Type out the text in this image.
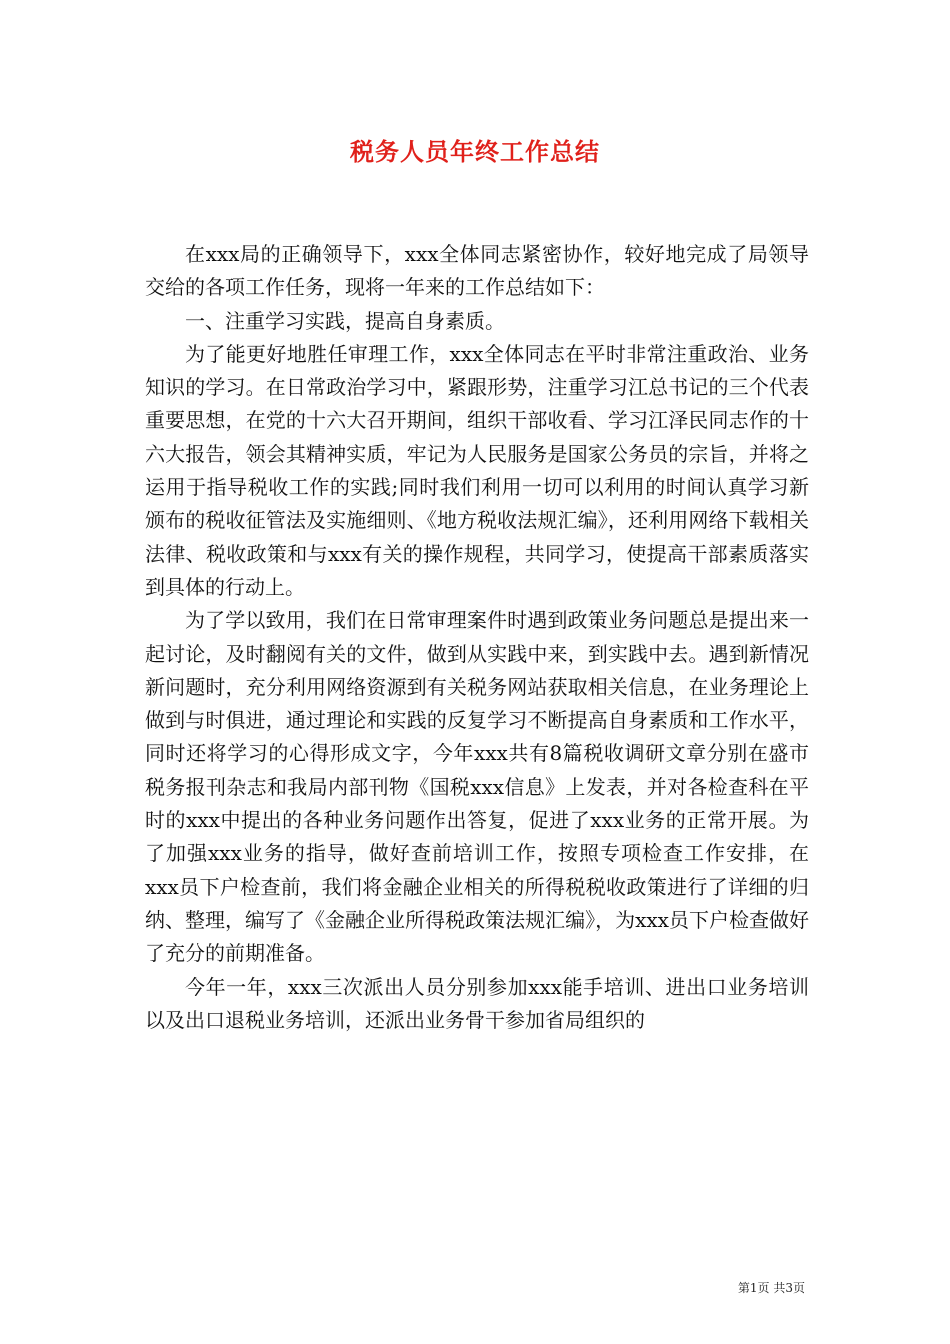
税务人员年终工作总结

在xxx局的正确领导下，xxx全体同志紧密协作，较好地完成了局领导交给的各项工作任务，现将一年来的工作总结如下：

一、注重学习实践，提高自身素质。

为了能更好地胜任审理工作，xxx全体同志在平时非常注重政治、业务知识的学习。在日常政治学习中，紧跟形势，注重学习江总书记的三个代表重要思想，在党的十六大召开期间，组织干部收看、学习江泽民同志作的十六大报告，领会其精神实质，牢记为人民服务是国家公务员的宗旨，并将之运用于指导税收工作的实践;同时我们利用一切可以利用的时间认真学习新颁布的税收征管法及实施细则、《地方税收法规汇编》，还利用网络下载相关法律、税收政策和与xxx有关的操作规程，共同学习，使提高干部素质落实到具体的行动上。

为了学以致用，我们在日常审理案件时遇到政策业务问题总是提出来一起讨论，及时翻阅有关的文件，做到从实践中来，到实践中去。遇到新情况新问题时，充分利用网络资源到有关税务网站获取相关信息，在业务理论上做到与时俱进，通过理论和实践的反复学习不断提高自身素质和工作水平，同时还将学习的心得形成文字，今年xxx共有8篇税收调研文章分别在盛市税务报刊杂志和我局内部刊物《国税xxx信息》上发表，并对各检查科在平时的xxx中提出的各种业务问题作出答复，促进了xxx业务的正常开展。为了加强xxx业务的指导，做好查前培训工作，按照专项检查工作安排，在xxx员下户检查前，我们将金融企业相关的所得税税收政策进行了详细的归纳、整理，编写了《金融企业所得税政策法规汇编》，为xxx员下户检查做好了充分的前期准备。

今年一年，xxx三次派出人员分别参加xxx能手培训、进出口业务培训以及出口退税业务培训，还派出业务骨干参加省局组织的

第1页 共3页
